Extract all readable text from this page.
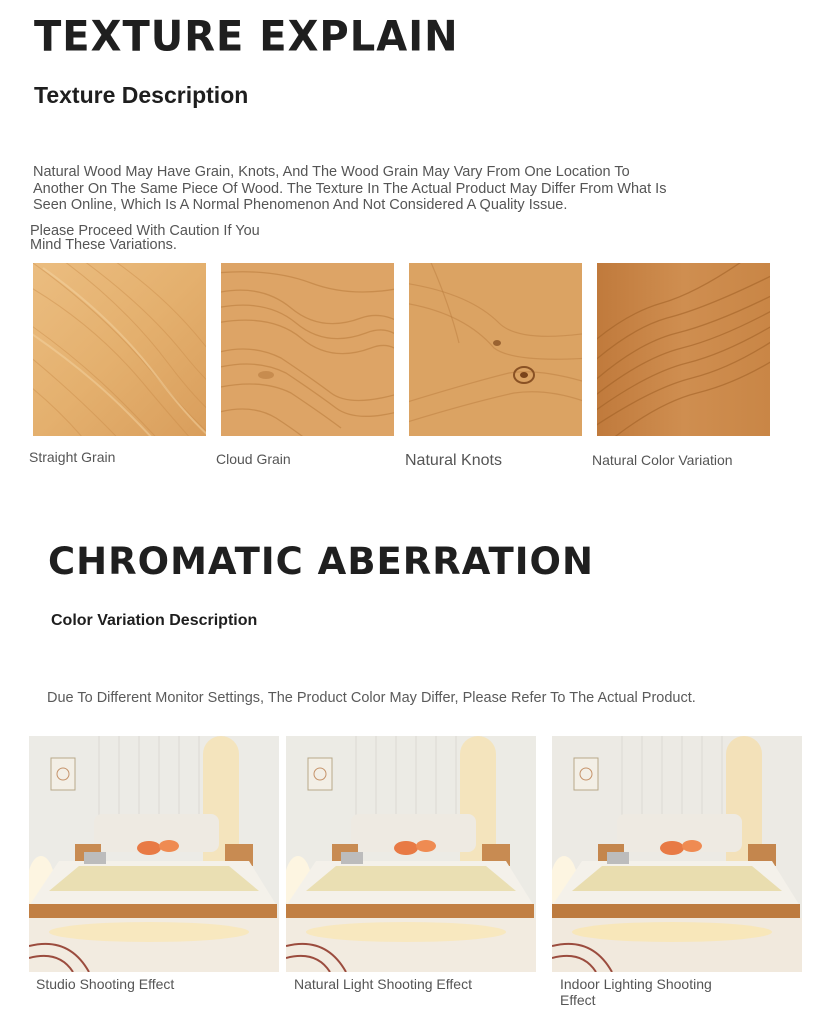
TEXTURE EXPLAIN
Texture Description
Natural Wood May Have Grain, Knots, And The Wood Grain May Vary From One Location To Another On The Same Piece Of Wood. The Texture In The Actual Product May Differ From What Is Seen Online, Which Is A Normal Phenomenon And Not Considered A Quality Issue.
Please Proceed With Caution If You Mind These Variations.
Straight Grain	Cloud Grain	Natural Knots	Natural Color Variation
CHROMATIC ABERRATION
Color Variation Description
Due To Different Monitor Settings, The Product Color May Differ, Please Refer To The Actual Product.
Studio Shooting Effect	Natural Light Shooting Effect	Indoor Lighting Shooting Effect
